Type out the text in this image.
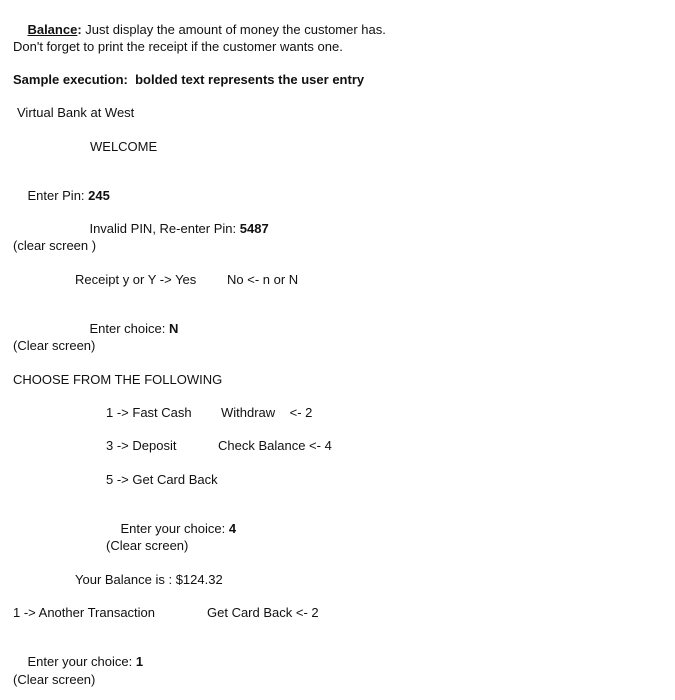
Balance: Just display the amount of money the customer has.

Don't forget to print the receipt if the customer wants one.
Sample execution:  bolded text represents the user entry
Virtual Bank at West
WELCOME

Enter Pin: 245

Invalid PIN, Re-enter Pin: 5487

(clear screen )
Receipt y or Y -> Yes No <- n or N

Enter choice: N

(Clear screen)
CHOOSE FROM THE FOLLOWING
1 -> Fast Cash Withdraw    <- 2
3 -> Deposit	Check Balance <- 4
5 -> Get Card Back

Enter your choice: 4

(Clear screen)
Your Balance is : $124.32
1 -> Another Transaction	Get Card Back <- 2

Enter your choice: 1

(Clear screen)
